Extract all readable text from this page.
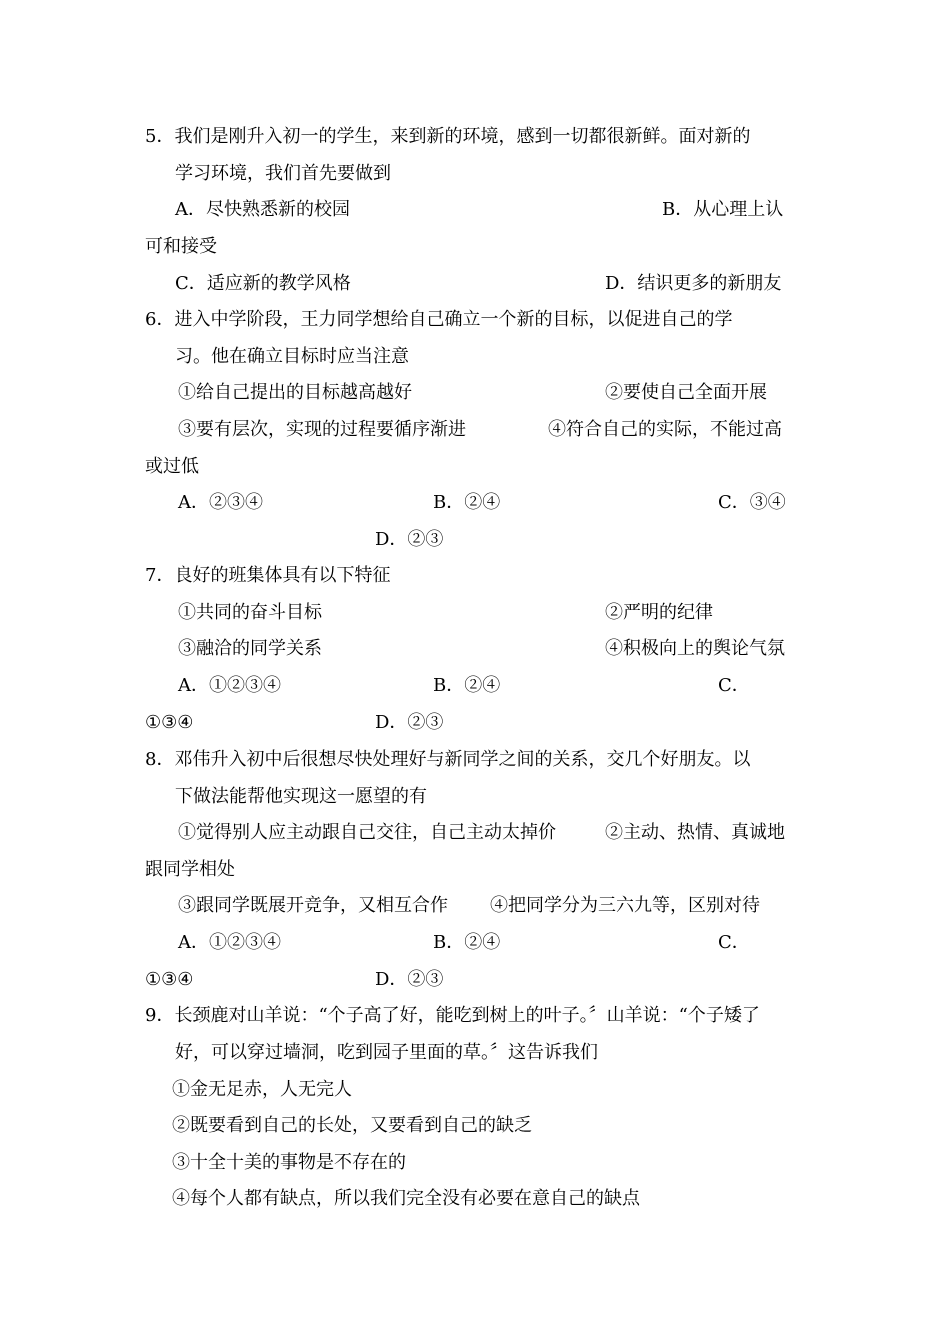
5．我们是刚升入初一的学生，来到新的环境，感到一切都很新鲜。面对新的
学习环境，我们首先要做到
A．尽快熟悉新的校园	B．从心理上认
可和接受
C．适应新的教学风格	D．结识更多的新朋友
6．进入中学阶段，王力同学想给自己确立一个新的目标，以促进自己的学
习。他在确立目标时应当注意
①给自己提出的目标越高越好	②要使自己全面开展
③要有层次，实现的过程要循序渐进	④符合自己的实际，不能过高
或过低
A．②③④	B．②④	C．③④
D．②③
7．良好的班集体具有以下特征
①共同的奋斗目标	②严明的纪律
③融洽的同学关系	④积极向上的舆论气氛
A．①②③④	B．②④	C．
①③④	D．②③
8．邓伟升入初中后很想尽快处理好与新同学之间的关系，交几个好朋友。以
下做法能帮他实现这一愿望的有
①觉得别人应主动跟自己交往，自己主动太掉价	②主动、热情、真诚地
跟同学相处
③跟同学既展开竞争，又相互合作 ④把同学分为三六九等，区别对待
A．①②③④	B．②④	C．
①③④	D．②③
9．长颈鹿对山羊说：“个子高了好，能吃到树上的叶子。〞山羊说：“个子矮了
好，可以穿过墙洞，吃到园子里面的草。〞这告诉我们
①金无足赤，人无完人
②既要看到自己的长处，又要看到自己的缺乏
③十全十美的事物是不存在的
④每个人都有缺点，所以我们完全没有必要在意自己的缺点
